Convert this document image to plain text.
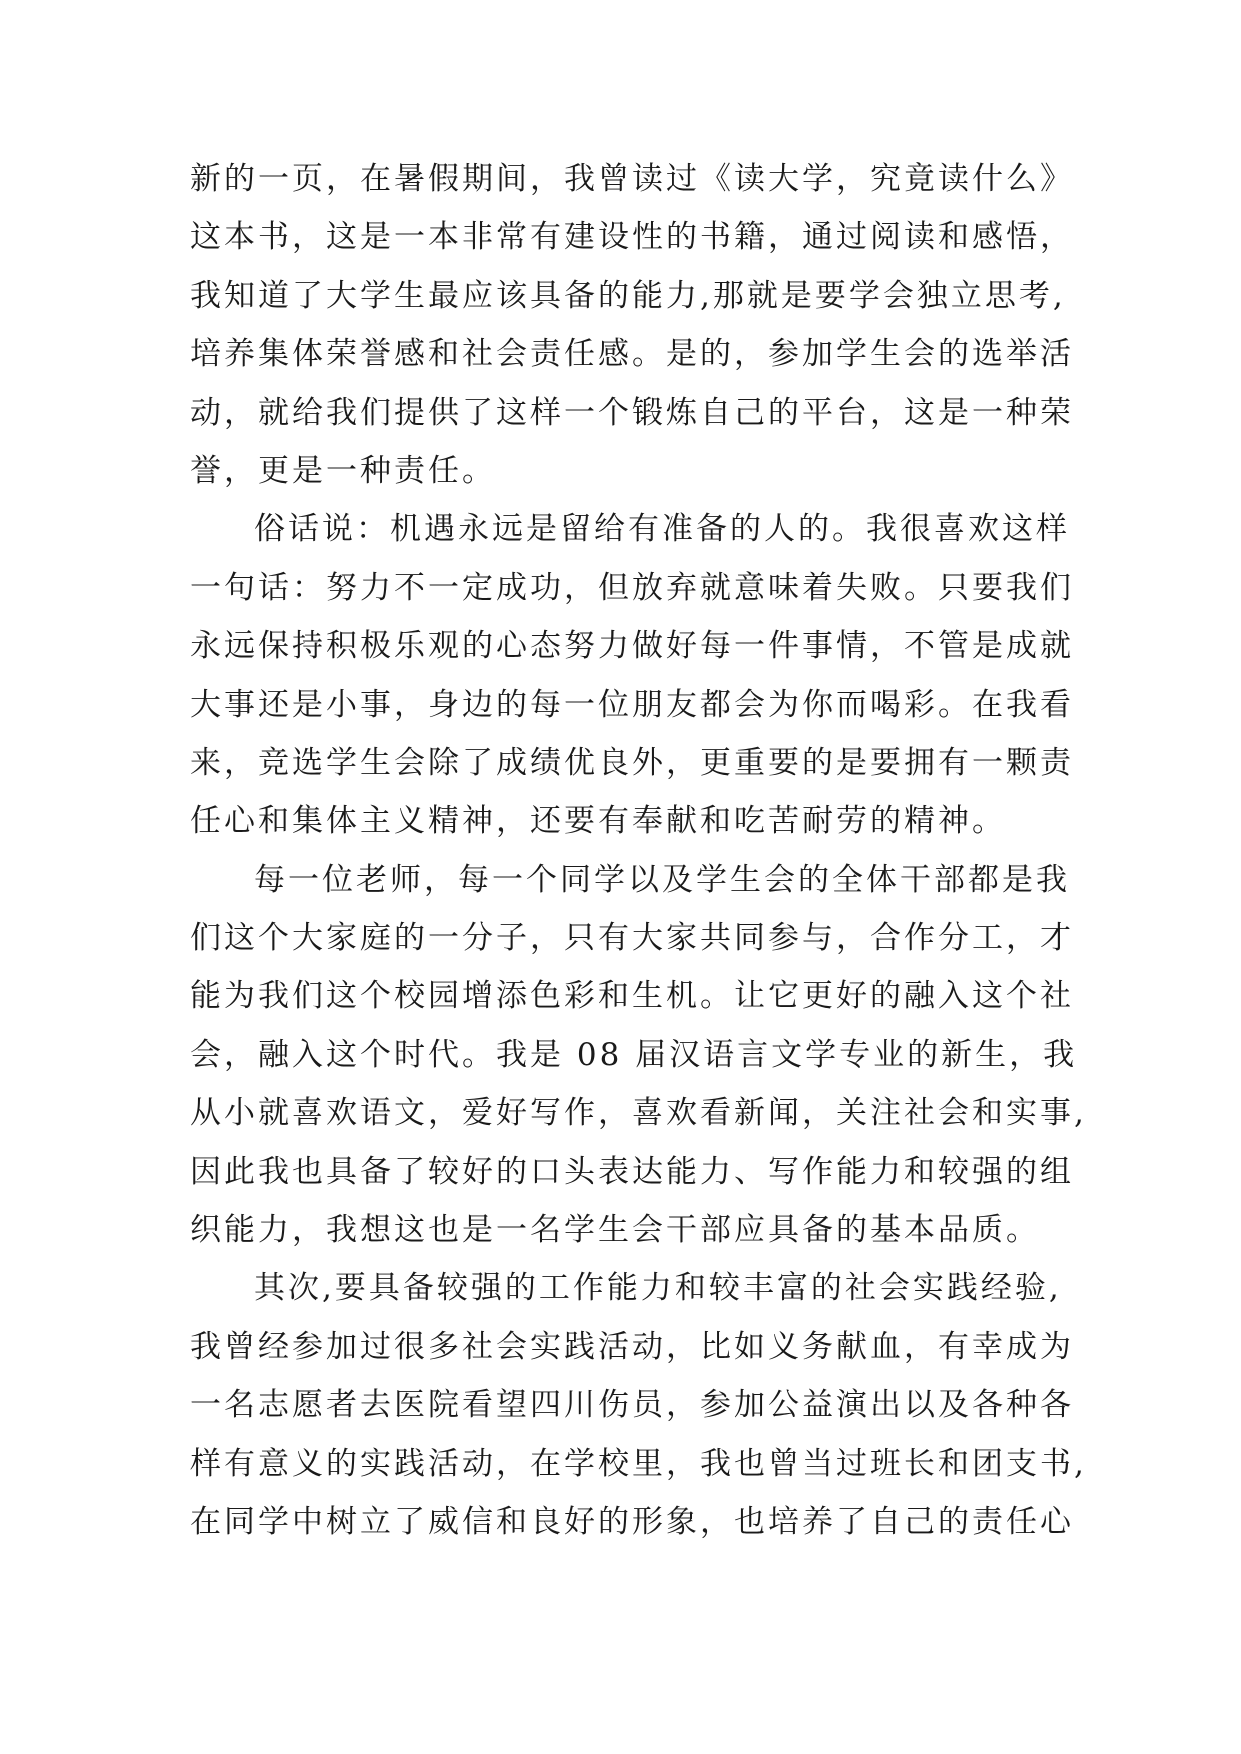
新的一页，在暑假期间，我曾读过《读大学，究竟读什么》
这本书，这是一本非常有建设性的书籍，通过阅读和感悟，
我知道了大学生最应该具备的能力,那就是要学会独立思考,
培养集体荣誉感和社会责任感。是的，参加学生会的选举活
动，就给我们提供了这样一个锻炼自己的平台，这是一种荣
誉，更是一种责任。
俗话说：机遇永远是留给有准备的人的。我很喜欢这样
一句话：努力不一定成功，但放弃就意味着失败。只要我们
永远保持积极乐观的心态努力做好每一件事情，不管是成就
大事还是小事，身边的每一位朋友都会为你而喝彩。在我看
来，竞选学生会除了成绩优良外，更重要的是要拥有一颗责
任心和集体主义精神，还要有奉献和吃苦耐劳的精神。
每一位老师，每一个同学以及学生会的全体干部都是我
们这个大家庭的一分子，只有大家共同参与，合作分工，才
能为我们这个校园增添色彩和生机。让它更好的融入这个社
会，融入这个时代。我是 08 届汉语言文学专业的新生，我
从小就喜欢语文，爱好写作，喜欢看新闻，关注社会和实事,
因此我也具备了较好的口头表达能力、写作能力和较强的组
织能力，我想这也是一名学生会干部应具备的基本品质。
其次,要具备较强的工作能力和较丰富的社会实践经验,
我曾经参加过很多社会实践活动，比如义务献血，有幸成为
一名志愿者去医院看望四川伤员，参加公益演出以及各种各
样有意义的实践活动，在学校里，我也曾当过班长和团支书,
在同学中树立了威信和良好的形象，也培养了自己的责任心
